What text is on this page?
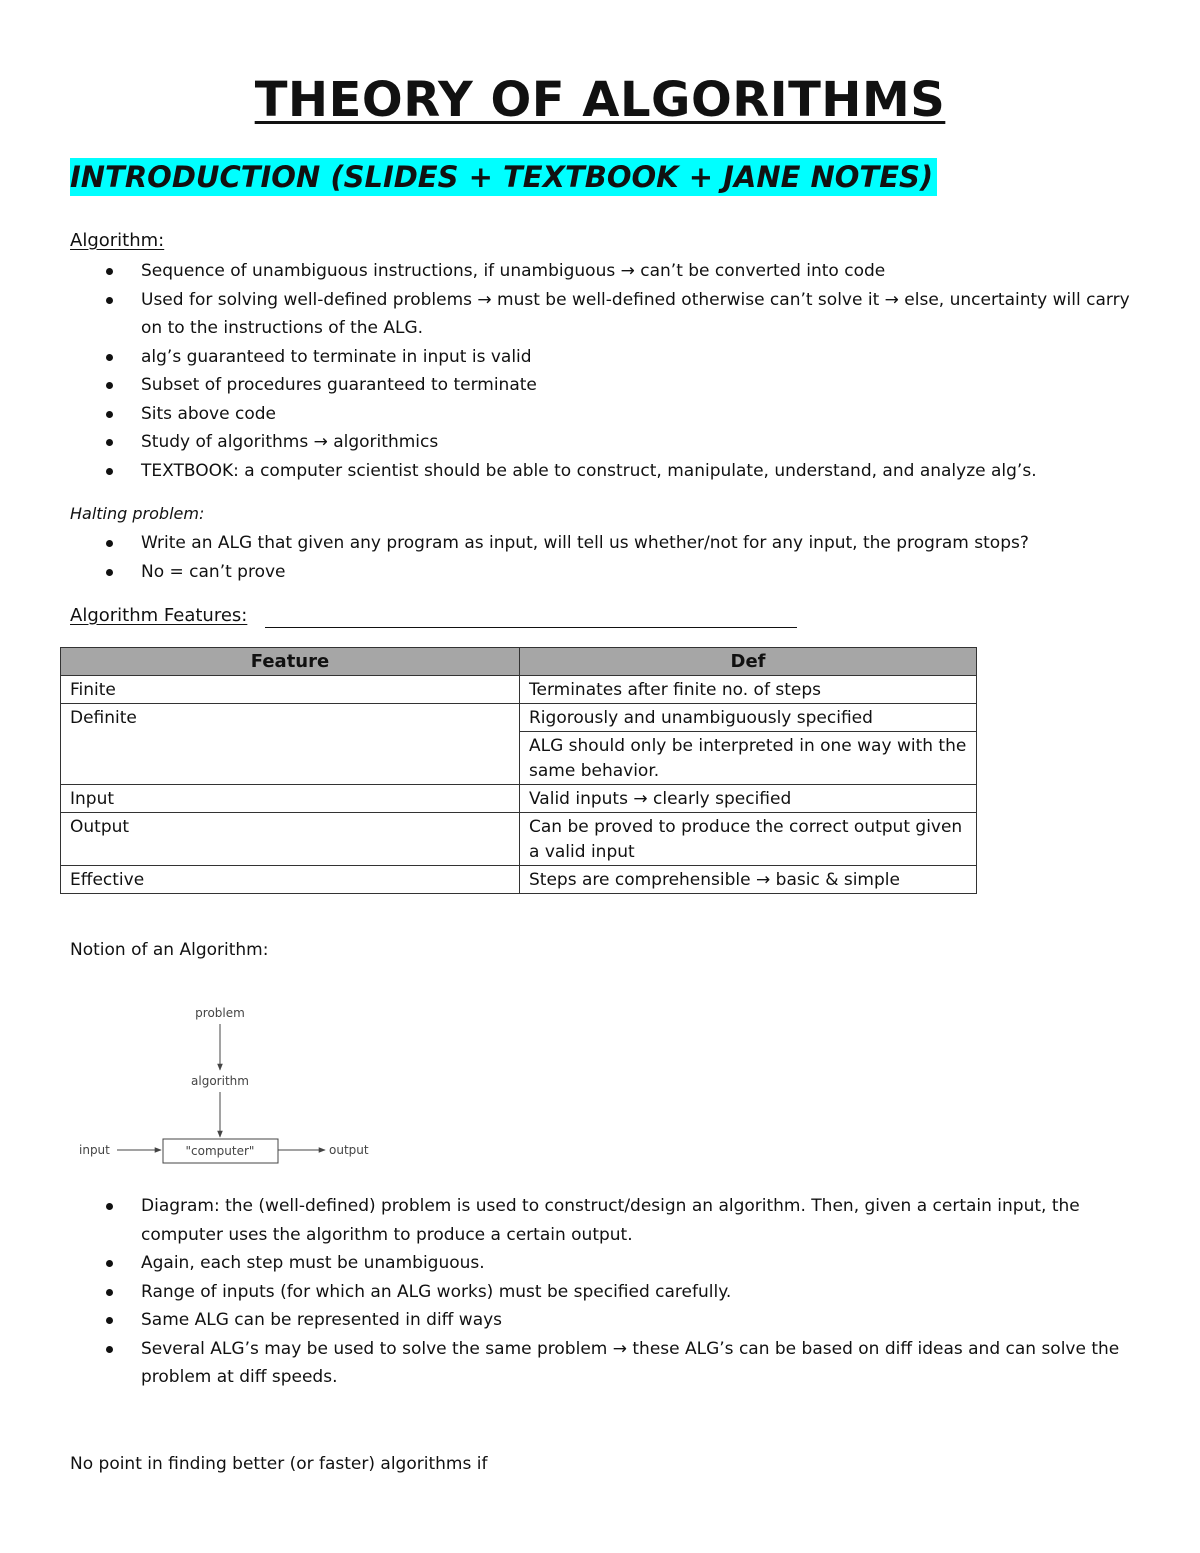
THEORY OF ALGORITHMS
INTRODUCTION (SLIDES + TEXTBOOK + JANE NOTES)

Algorithm:

Sequence of unambiguous instructions, if unambiguous → can’t be converted into code
Used for solving well-defined problems → must be well-defined otherwise can’t solve it → else, uncertainty will carry on to the instructions of the ALG.
alg’s guaranteed to terminate in input is valid
Subset of procedures guaranteed to terminate
Sits above code
Study of algorithms → algorithmics
TEXTBOOK: a computer scientist should be able to construct, manipulate, understand, and analyze alg’s.

Halting problem:

Write an ALG that given any program as input, will tell us whether/not for any input, the program stops?
No = can’t prove

Algorithm Features:

Feature	Def
Finite	Terminates after finite no. of steps
Definite	Rigorously and unambiguously specified
	ALG should only be interpreted in one way with the same behavior.
Input	Valid inputs → clearly specified
Output	Can be proved to produce the correct output given a valid input
Effective	Steps are comprehensible → basic & simple

Notion of an Algorithm:

problem
algorithm
"computer"
input	output
Diagram: the (well-defined) problem is used to construct/design an algorithm. Then, given a certain input, the computer uses the algorithm to produce a certain output.
Again, each step must be unambiguous.
Range of inputs (for which an ALG works) must be specified carefully.
Same ALG can be represented in diff ways
Several ALG’s may be used to solve the same problem → these ALG’s can be based on diff ideas and can solve the problem at diff speeds.

No point in finding better (or faster) algorithms if
